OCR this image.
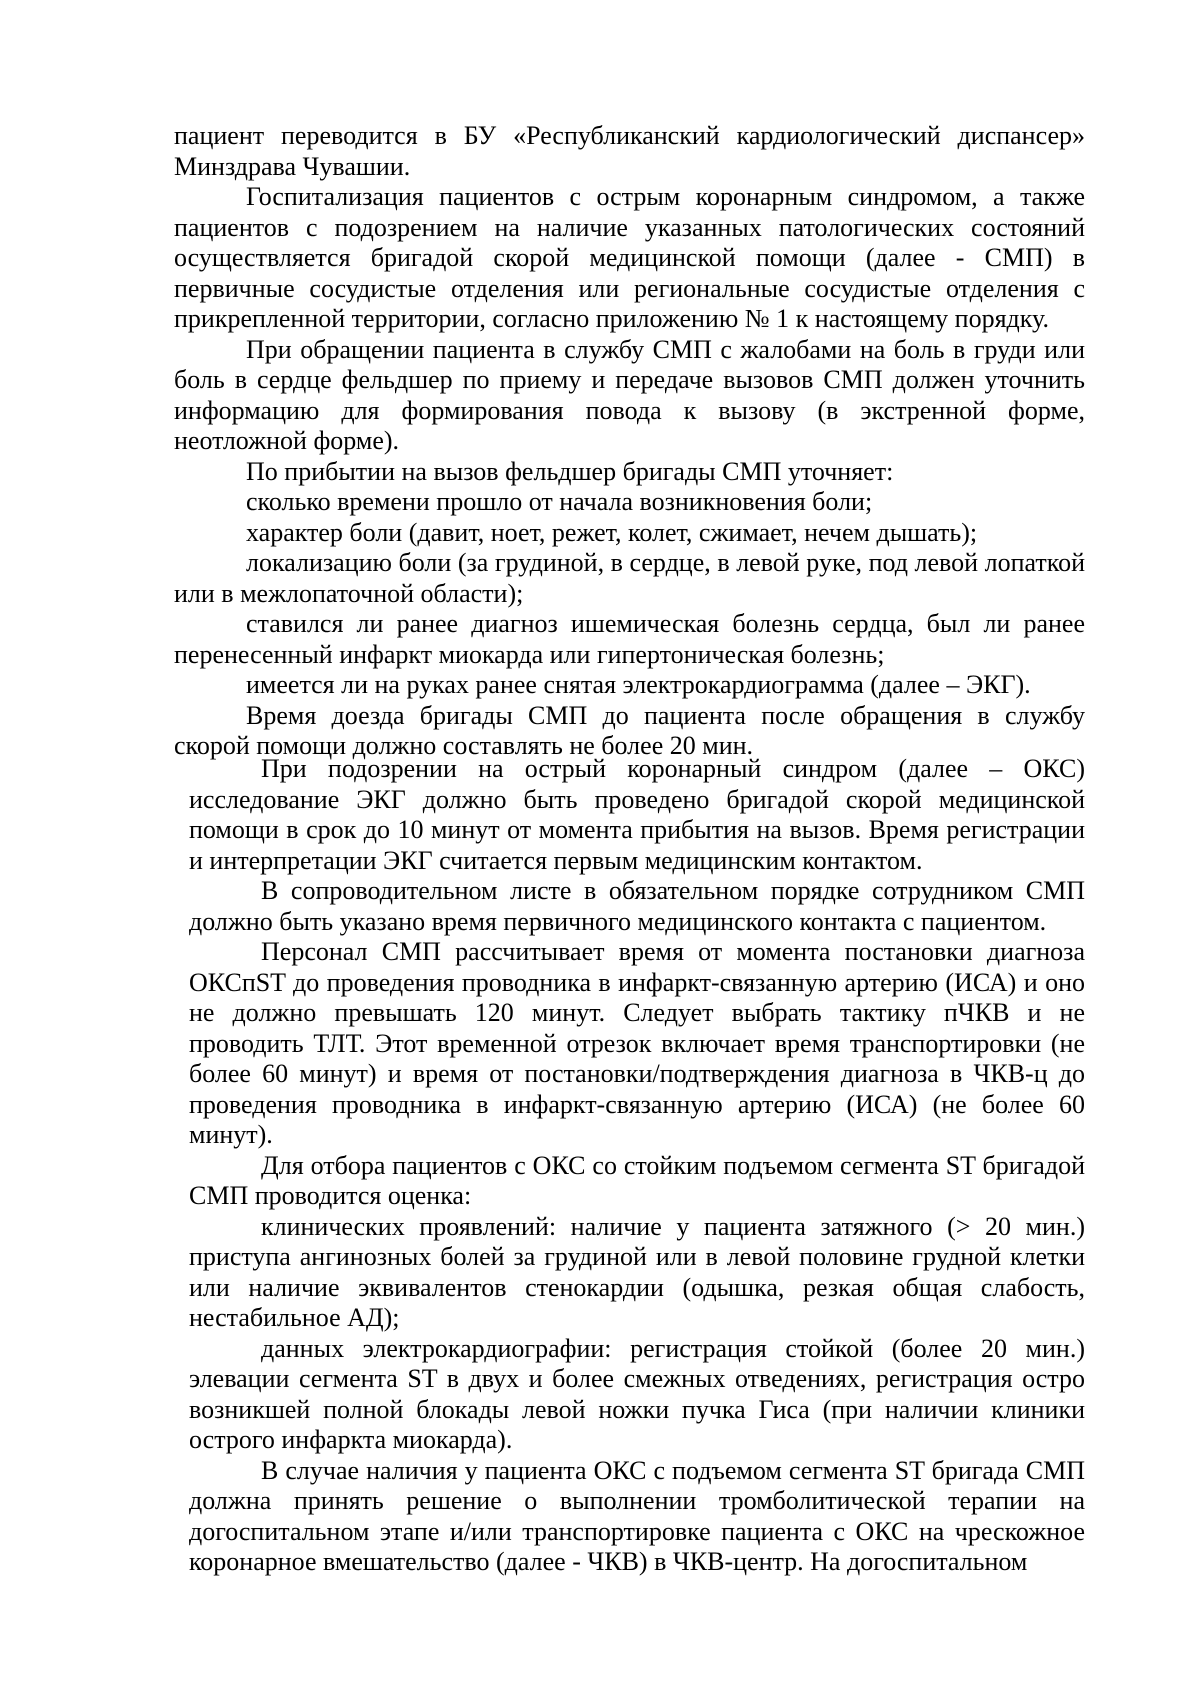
пациент переводится в БУ «Республиканский кардиологический диспансер» Минздрава Чувашии.

Госпитализация пациентов с острым коронарным синдромом, а также пациентов с подозрением на наличие указанных патологических состояний осуществляется бригадой скорой медицинской помощи (далее - СМП) в первичные сосудистые отделения или региональные сосудистые отделения с прикрепленной территории, согласно приложению № 1 к настоящему порядку.

При обращении пациента в службу СМП с жалобами на боль в груди или боль в сердце фельдшер по приему и передаче вызовов СМП должен уточнить информацию для формирования повода к вызову (в экстренной форме, неотложной форме).

По прибытии на вызов фельдшер бригады СМП уточняет:

сколько времени прошло от начала возникновения боли;

характер боли (давит, ноет, режет, колет, сжимает, нечем дышать);

локализацию боли (за грудиной, в сердце, в левой руке, под левой лопаткой или в межлопаточной области);

ставился ли ранее диагноз ишемическая болезнь сердца, был ли ранее перенесенный инфаркт миокарда или гипертоническая болезнь;

имеется ли на руках ранее снятая электрокардиограмма (далее – ЭКГ).

Время доезда бригады СМП до пациента после обращения в службу скорой помощи должно составлять не более 20 мин.

При подозрении на острый коронарный синдром (далее – ОКС) исследование ЭКГ должно быть проведено бригадой скорой медицинской помощи в срок до 10 минут от момента прибытия на вызов. Время регистрации и интерпретации ЭКГ считается первым медицинским контактом.

В сопроводительном листе в обязательном порядке сотрудником СМП должно быть указано время первичного медицинского контакта с пациентом.

Персонал СМП рассчитывает время от момента постановки диагноза ОКСпST до проведения проводника в инфаркт-связанную артерию (ИСА) и оно не должно превышать 120 минут. Следует выбрать тактику пЧКВ и не проводить ТЛТ. Этот временной отрезок включает время транспортировки (не более 60 минут) и время от постановки/подтверждения диагноза в ЧКВ-ц до проведения проводника в инфаркт-связанную артерию (ИСА) (не более 60 минут).

Для отбора пациентов с ОКС со стойким подъемом сегмента ST бригадой СМП проводится оценка:

клинических проявлений: наличие у пациента затяжного (> 20 мин.) приступа ангинозных болей за грудиной или в левой половине грудной клетки или наличие эквивалентов стенокардии (одышка, резкая общая слабость, нестабильное АД);

данных электрокардиографии: регистрация стойкой (более 20 мин.) элевации сегмента ST в двух и более смежных отведениях, регистрация остро возникшей полной блокады левой ножки пучка Гиса (при наличии клиники острого инфаркта миокарда).

В случае наличия у пациента ОКС с подъемом сегмента ST бригада СМП должна принять решение о выполнении тромболитической терапии на догоспитальном этапе и/или транспортировке пациента с ОКС на чрескожное коронарное вмешательство (далее - ЧКВ) в ЧКВ-центр. На догоспитальном
